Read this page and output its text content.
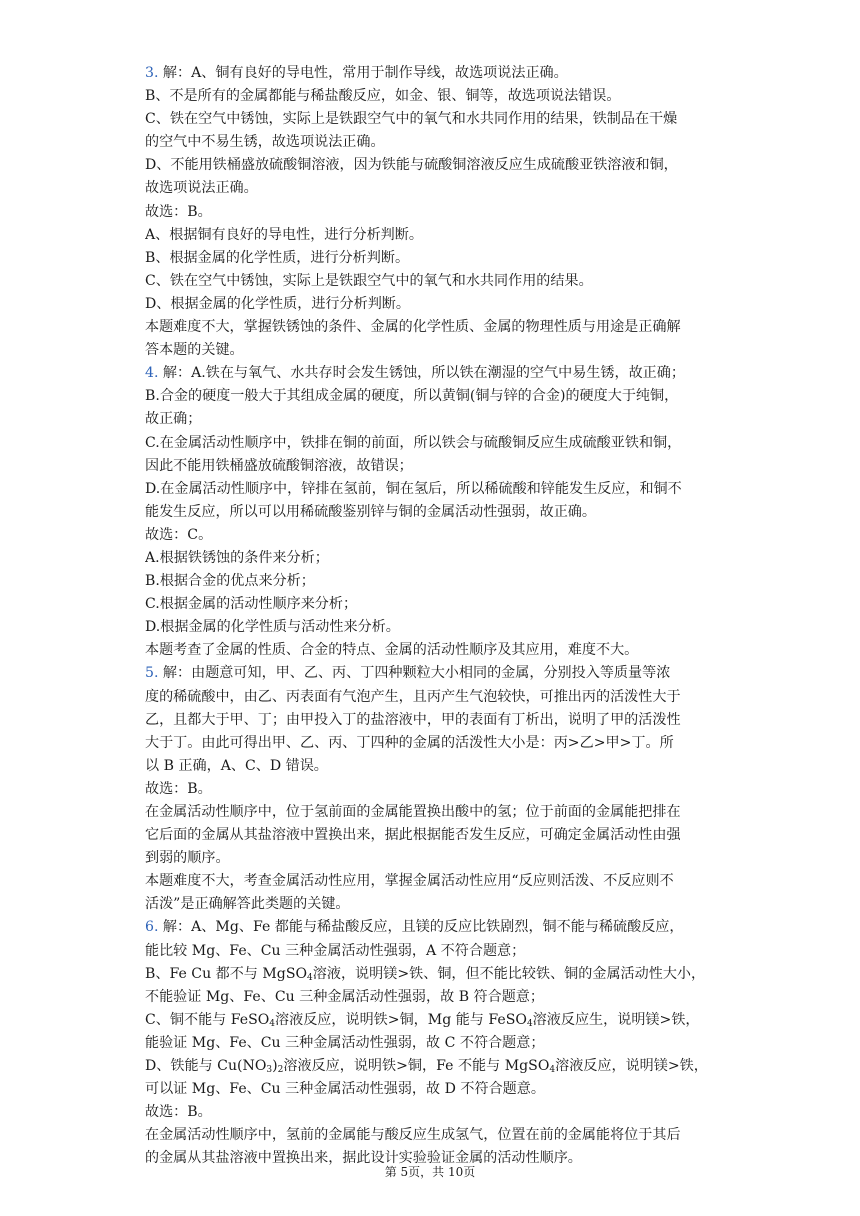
3. 解：A、铜有良好的导电性，常用于制作导线，故选项说法正确。
B、不是所有的金属都能与稀盐酸反应，如金、银、铜等，故选项说法错误。
C、铁在空气中锈蚀，实际上是铁跟空气中的氧气和水共同作用的结果，铁制品在干燥
的空气中不易生锈，故选项说法正确。
D、不能用铁桶盛放硫酸铜溶液，因为铁能与硫酸铜溶液反应生成硫酸亚铁溶液和铜，
故选项说法正确。
故选：B。
A、根据铜有良好的导电性，进行分析判断。
B、根据金属的化学性质，进行分析判断。
C、铁在空气中锈蚀，实际上是铁跟空气中的氧气和水共同作用的结果。
D、根据金属的化学性质，进行分析判断。
本题难度不大，掌握铁锈蚀的条件、金属的化学性质、金属的物理性质与用途是正确解
答本题的关键。
4. 解：A.铁在与氧气、水共存时会发生锈蚀，所以铁在潮湿的空气中易生锈，故正确；
B.合金的硬度一般大于其组成金属的硬度，所以黄铜(铜与锌的合金)的硬度大于纯铜，
故正确；
C.在金属活动性顺序中，铁排在铜的前面，所以铁会与硫酸铜反应生成硫酸亚铁和铜，
因此不能用铁桶盛放硫酸铜溶液，故错误；
D.在金属活动性顺序中，锌排在氢前，铜在氢后，所以稀硫酸和锌能发生反应，和铜不
能发生反应，所以可以用稀硫酸鉴别锌与铜的金属活动性强弱，故正确。
故选：C。
A.根据铁锈蚀的条件来分析；
B.根据合金的优点来分析；
C.根据金属的活动性顺序来分析；
D.根据金属的化学性质与活动性来分析。
本题考查了金属的性质、合金的特点、金属的活动性顺序及其应用，难度不大。
5. 解：由题意可知，甲、乙、丙、丁四种颗粒大小相同的金属，分别投入等质量等浓
度的稀硫酸中，由乙、丙表面有气泡产生，且丙产生气泡较快，可推出丙的活泼性大于
乙，且都大于甲、丁；由甲投入丁的盐溶液中，甲的表面有丁析出，说明了甲的活泼性
大于丁。由此可得出甲、乙、丙、丁四种的金属的活泼性大小是：丙>乙>甲>丁。所
以 B 正确，A、C、D 错误。
故选：B。
在金属活动性顺序中，位于氢前面的金属能置换出酸中的氢；位于前面的金属能把排在
它后面的金属从其盐溶液中置换出来，据此根据能否发生反应，可确定金属活动性由强
到弱的顺序。
本题难度不大，考查金属活动性应用，掌握金属活动性应用“反应则活泼、不反应则不
活泼”是正确解答此类题的关键。
6. 解：A、Mg、Fe 都能与稀盐酸反应，且镁的反应比铁剧烈，铜不能与稀硫酸反应，
能比较 Mg、Fe、Cu 三种金属活动性强弱，A 不符合题意；
B、Fe Cu 都不与 MgSO$_4$溶液，说明镁>铁、铜，但不能比较铁、铜的金属活动性大小，
不能验证 Mg、Fe、Cu 三种金属活动性强弱，故 B 符合题意；
C、铜不能与 FeSO$_4$溶液反应，说明铁>铜，Mg 能与 FeSO$_4$溶液反应生，说明镁>铁，
能验证 Mg、Fe、Cu 三种金属活动性强弱，故 C 不符合题意；
D、铁能与 $Cu(NO_3)_2$溶液反应，说明铁>铜，Fe 不能与 MgSO$_4$溶液反应，说明镁>铁，
可以证 Mg、Fe、Cu 三种金属活动性强弱，故 D 不符合题意。
故选：B。
在金属活动性顺序中，氢前的金属能与酸反应生成氢气，位置在前的金属能将位于其后
的金属从其盐溶液中置换出来，据此设计实验验证金属的活动性顺序。
第 5页，共 10页
